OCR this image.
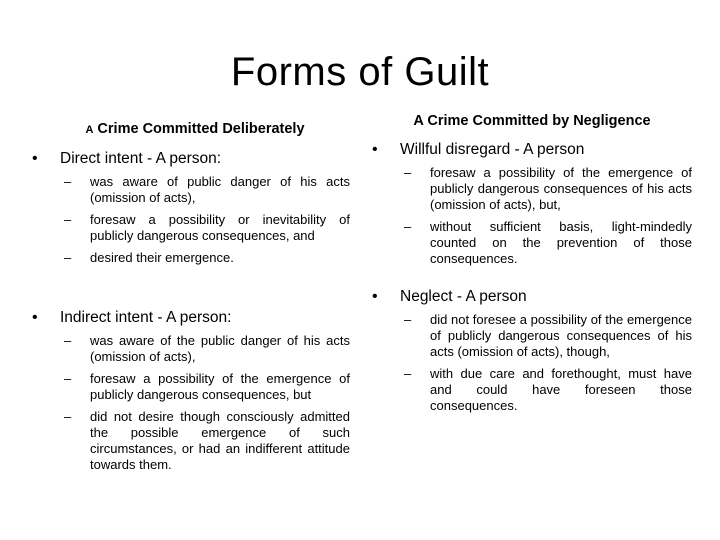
Forms of Guilt

A Crime Committed Deliberately

• Direct intent - A person:
– was aware of public danger of his acts (omission of acts),
– foresaw a possibility or inevitability of publicly dangerous consequences, and
– desired their emergence.
• Indirect intent - A person:
– was aware of the public danger of his acts (omission of acts),
– foresaw a possibility of the emergence of publicly dangerous consequences, but
– did not desire though consciously admitted the possible emergence of such circumstances, or had an indifferent attitude towards them.

A Crime Committed by Negligence

• Willful disregard - A person
– foresaw a possibility of the emergence of publicly dangerous consequences of his acts (omission of acts), but,
– without sufficient basis, light-mindedly counted on the prevention of those consequences.
• Neglect - A person
– did not foresee a possibility of the emergence of publicly dangerous consequences of his acts (omission of acts), though,
– with due care and forethought, must have and could have foreseen those consequences.
